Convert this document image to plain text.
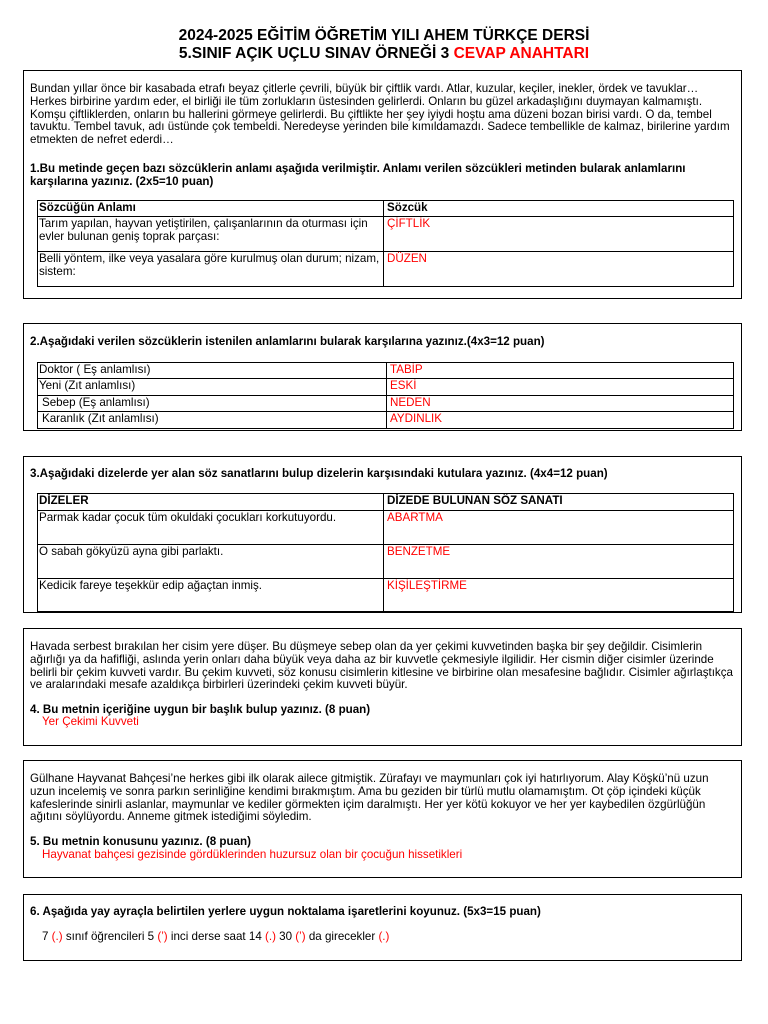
2024-2025 EĞİTİM ÖĞRETİM YILI AHEM TÜRKÇE DERSİ
5.SINIF AÇIK UÇLU SINAV ÖRNEĞİ 3 CEVAP ANAHTARI

Bundan yıllar önce bir kasabada etrafı beyaz çitlerle çevrili, büyük bir çiftlik vardı. Atlar, kuzular, keçiler, inekler, ördek ve tavuklar… Herkes birbirine yardım eder, el birliği ile tüm zorlukların üstesinden gelirlerdi. Onların bu güzel arkadaşlığını duymayan kalmamıştı. Komşu çiftliklerden, onların bu hallerini görmeye gelirlerdi. Bu çiftlikte her şey iyiydi hoştu ama düzeni bozan birisi vardı. O da, tembel tavuktu. Tembel tavuk, adı üstünde çok tembeldi. Neredeyse yerinden bile kımıldamazdı. Sadece tembellikle de kalmaz, birilerine yardım etmekten de nefret ederdi…

1.Bu metinde geçen bazı sözcüklerin anlamı aşağıda verilmiştir. Anlamı verilen sözcükleri metinden bularak anlamlarını karşılarına yazınız. (2x5=10 puan)

Sözcüğün Anlamı	Sözcük
Tarım yapılan, hayvan yetiştirilen, çalışanlarının da oturması için evler bulunan geniş toprak parçası:	ÇİFTLİK
Belli yöntem, ilke veya yasalara göre kurulmuş olan durum; nizam, sistem:	DÜZEN

2.Aşağıdaki verilen sözcüklerin istenilen anlamlarını bularak karşılarına yazınız.(4x3=12 puan)

Doktor ( Eş anlamlısı)	TABİP
Yeni (Zıt anlamlısı)	ESKİ
Sebep (Eş anlamlısı)	NEDEN
Karanlık (Zıt anlamlısı)	AYDINLIK

3.Aşağıdaki dizelerde yer alan söz sanatlarını bulup dizelerin karşısındaki kutulara yazınız. (4x4=12 puan)

DİZELER	DİZEDE BULUNAN SÖZ SANATI
Parmak kadar çocuk tüm okuldaki çocukları korkutuyordu.	ABARTMA
O sabah gökyüzü ayna gibi parlaktı.	BENZETME
Kedicik fareye teşekkür edip ağaçtan inmiş.	KİŞİLEŞTİRME

Havada serbest bırakılan her cisim yere düşer. Bu düşmeye sebep olan da yer çekimi kuvvetinden başka bir şey değildir. Cisimlerin ağırlığı ya da hafifliği, aslında yerin onları daha büyük veya daha az bir kuvvetle çekmesiyle ilgilidir. Her cismin diğer cisimler üzerinde belirli bir çekim kuvveti vardır. Bu çekim kuvveti, söz konusu cisimlerin kitlesine ve birbirine olan mesafesine bağlıdır. Cisimler ağırlaştıkça ve aralarındaki mesafe azaldıkça birbirleri üzerindeki çekim kuvveti büyür.

4. Bu metnin içeriğine uygun bir başlık bulup yazınız. (8 puan)

Yer Çekimi Kuvveti

Gülhane Hayvanat Bahçesi’ne herkes gibi ilk olarak ailece gitmiştik. Zürafayı ve maymunları çok iyi hatırlıyorum. Alay Köşkü’nü uzun uzun incelemiş ve sonra parkın serinliğine kendimi bırakmıştım. Ama bu geziden bir türlü mutlu olamamıştım. Ot çöp içindeki küçük kafeslerinde sinirli aslanlar, maymunlar ve kediler görmekten içim daralmıştı. Her yer kötü kokuyor ve her yer kaybedilen özgürlüğün ağıtını söylüyordu. Anneme gitmek istediğimi söyledim.

5. Bu metnin konusunu yazınız. (8 puan)

Hayvanat bahçesi gezisinde gördüklerinden huzursuz olan bir çocuğun hissetikleri

6. Aşağıda yay ayraçla belirtilen yerlere uygun noktalama işaretlerini koyunuz. (5x3=15 puan)

7 (.) sınıf öğrencileri 5 (’) inci derse saat 14 (.) 30 (’) da girecekler (.)
